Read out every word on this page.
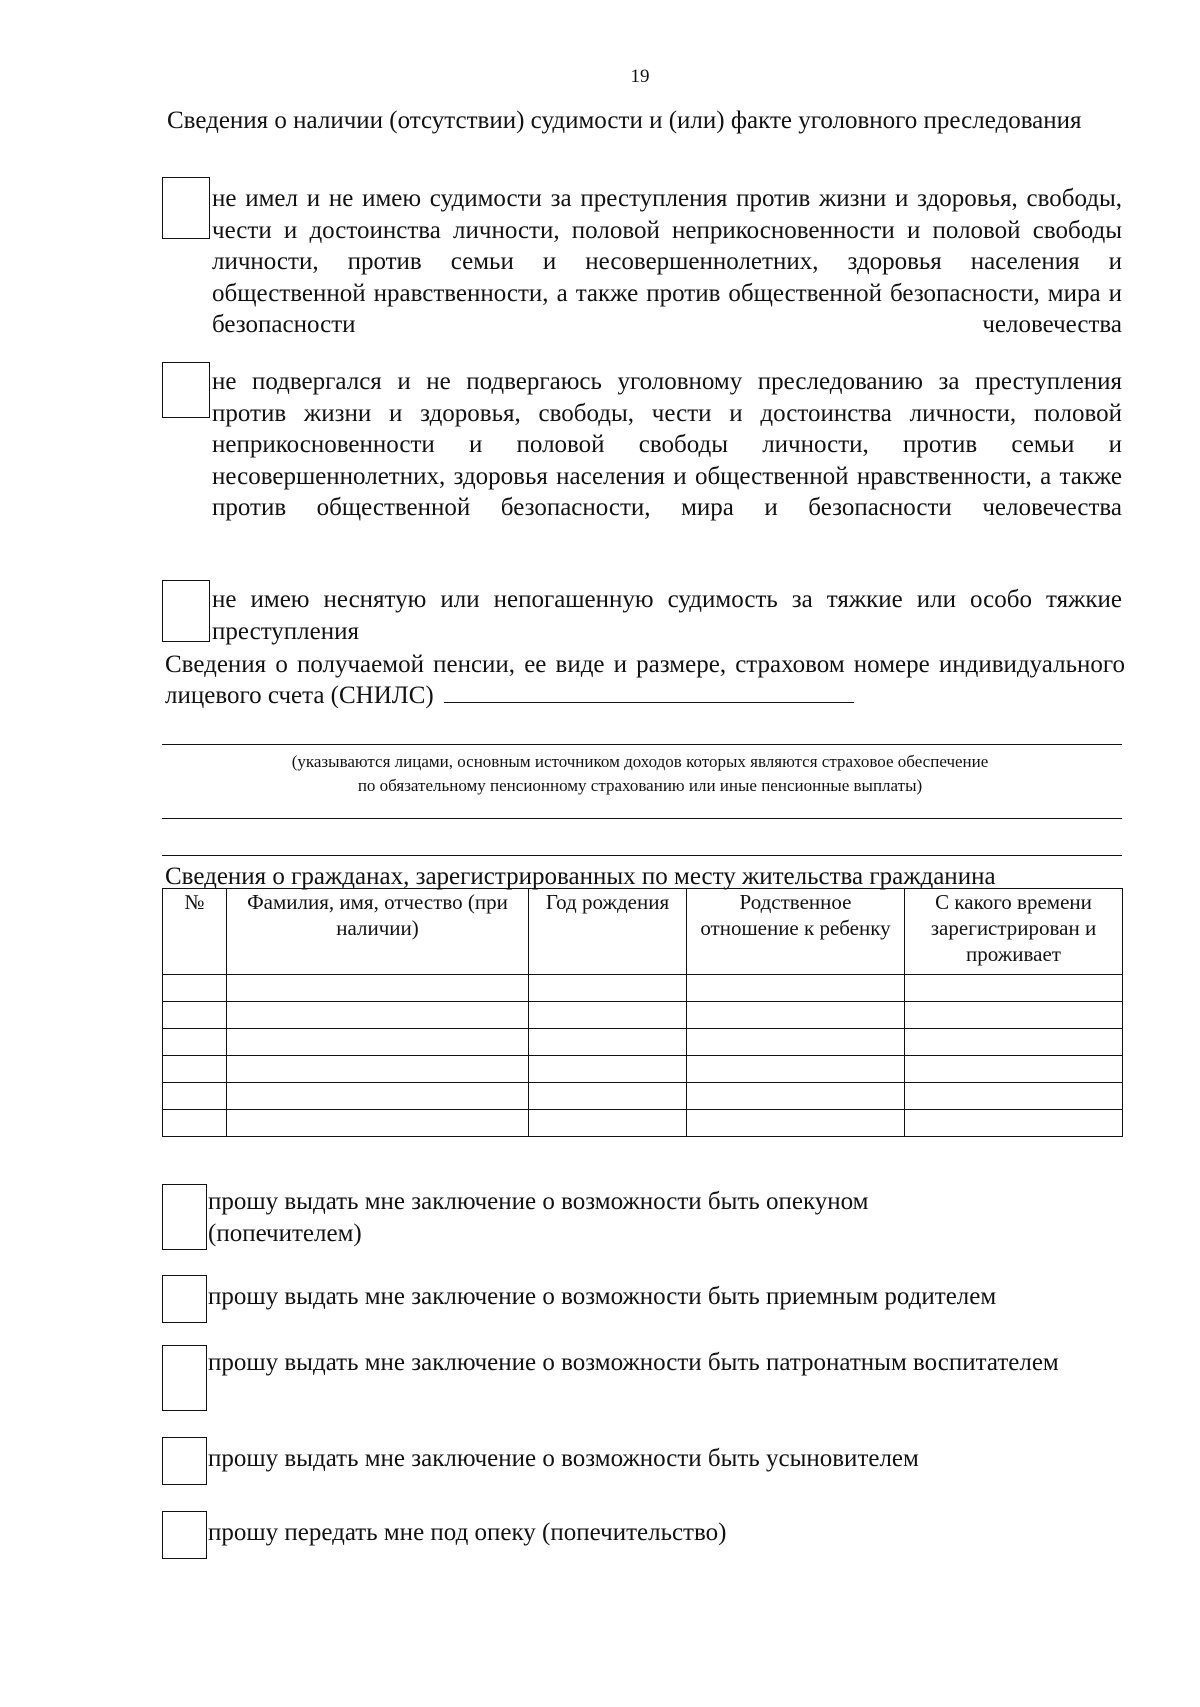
19
Сведения о наличии (отсутствии) судимости и (или) факте уголовного преследования
не имел и не имею судимости за преступления против жизни и здоровья, свободы, чести и достоинства личности, половой неприкосновенности и половой свободы личности, против семьи и несовершеннолетних, здоровья населения и общественной нравственности, а также против общественной безопасности, мира и безопасности человечества
не подвергался и не подвергаюсь уголовному преследованию за преступления против жизни и здоровья, свободы, чести и достоинства личности, половой неприкосновенности и половой свободы личности, против семьи и несовершеннолетних, здоровья населения и общественной нравственности, а также против общественной безопасности, мира и безопасности человечества
не имею неснятую или непогашенную судимость за тяжкие или особо тяжкие преступления
Сведения о получаемой пенсии, ее виде и размере, страховом номере индивидуального лицевого счета (СНИЛС)
(указываются лицами, основным источником доходов которых являются страховое обеспечение
по обязательному пенсионному страхованию или иные пенсионные выплаты)
Сведения о гражданах, зарегистрированных по месту жительства гражданина
№	Фамилия, имя, отчество (при наличии)	Год рождения	Родственное отношение к ребенку	С какого времени зарегистрирован и проживает

прошу выдать мне заключение о возможности быть опекуном (попечителем)
прошу выдать мне заключение о возможности быть приемным родителем
прошу выдать мне заключение о возможности быть патронатным воспитателем
прошу выдать мне заключение о возможности быть усыновителем
прошу передать мне под опеку (попечительство)
